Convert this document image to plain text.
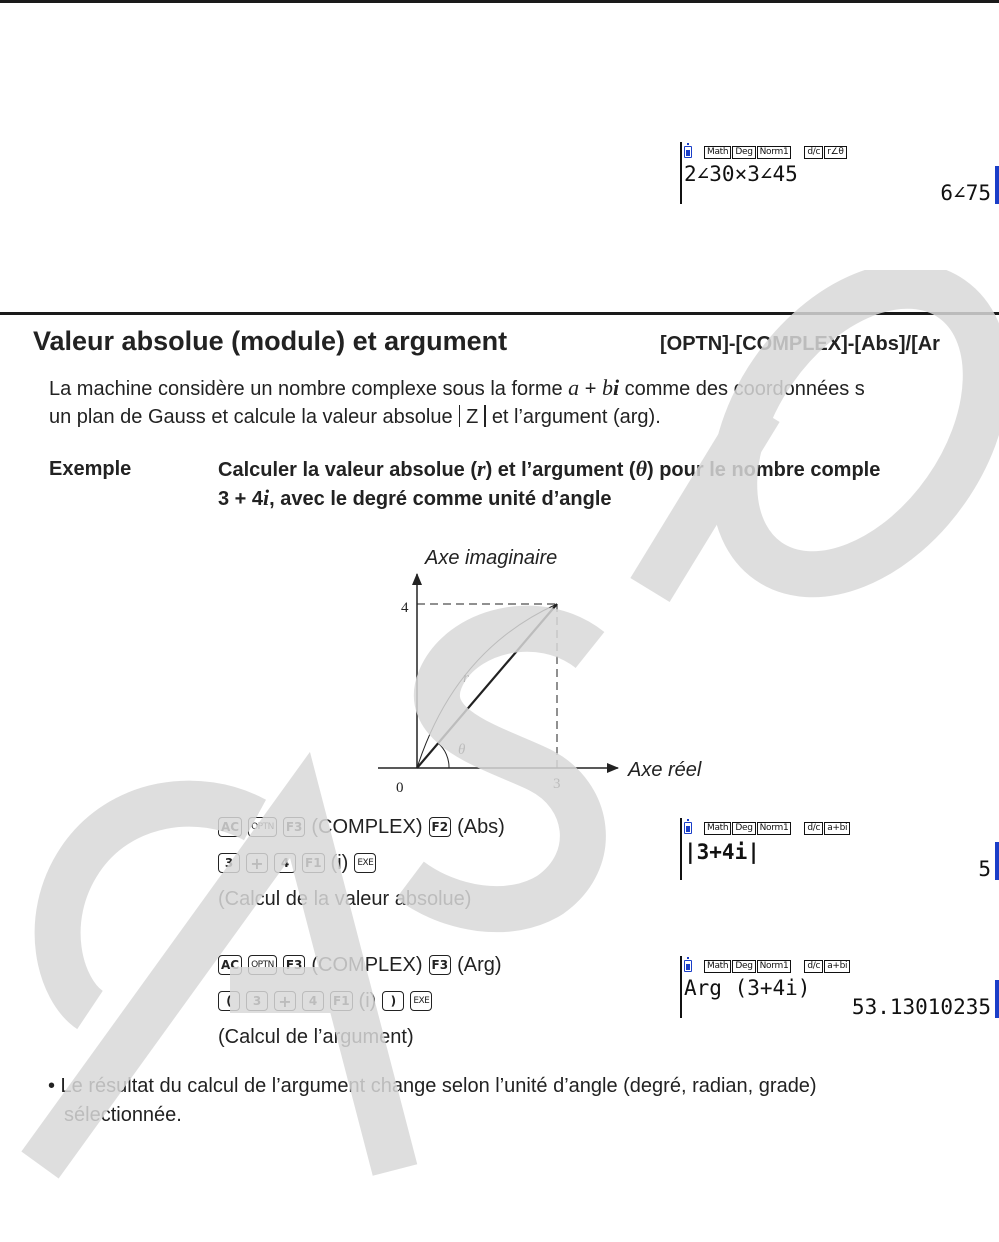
Math Deg Norm1	d/c r∠θ
2∠30×3∠45
6∠75
Valeur absolue (module) et argument	[OPTN]-[COMPLEX]-[Abs]/[Ar
La machine considère un nombre complexe sous la forme a + bi comme des coordonnées s
un plan de Gauss et calcule la valeur absolue Z et l’argument (arg).
Exemple	Calculer la valeur absolue (r) et l’argument (θ) pour le nombre comple
3 + 4i, avec le degré comme unité d’angle
Axe imaginaire
Axe réel
r
θ
4
3
0
AC	OPTN F3 (COMPLEX) F2 (Abs)
3	+	4	F1 (i)	EXE
(Calcul de la valeur absolue)
Math Deg Norm1	d/c a+bi
|3+4i|
5
AC	OPTN F3 (COMPLEX) F3 (Arg)
(	3	+	4	F1 (i)	)	EXE
(Calcul de l’argument)
Math Deg Norm1	d/c a+bi
Arg (3+4i)
53.13010235
• Le résultat du calcul de l’argument change selon l’unité d’angle (degré, radian, grade)
sélectionnée.
